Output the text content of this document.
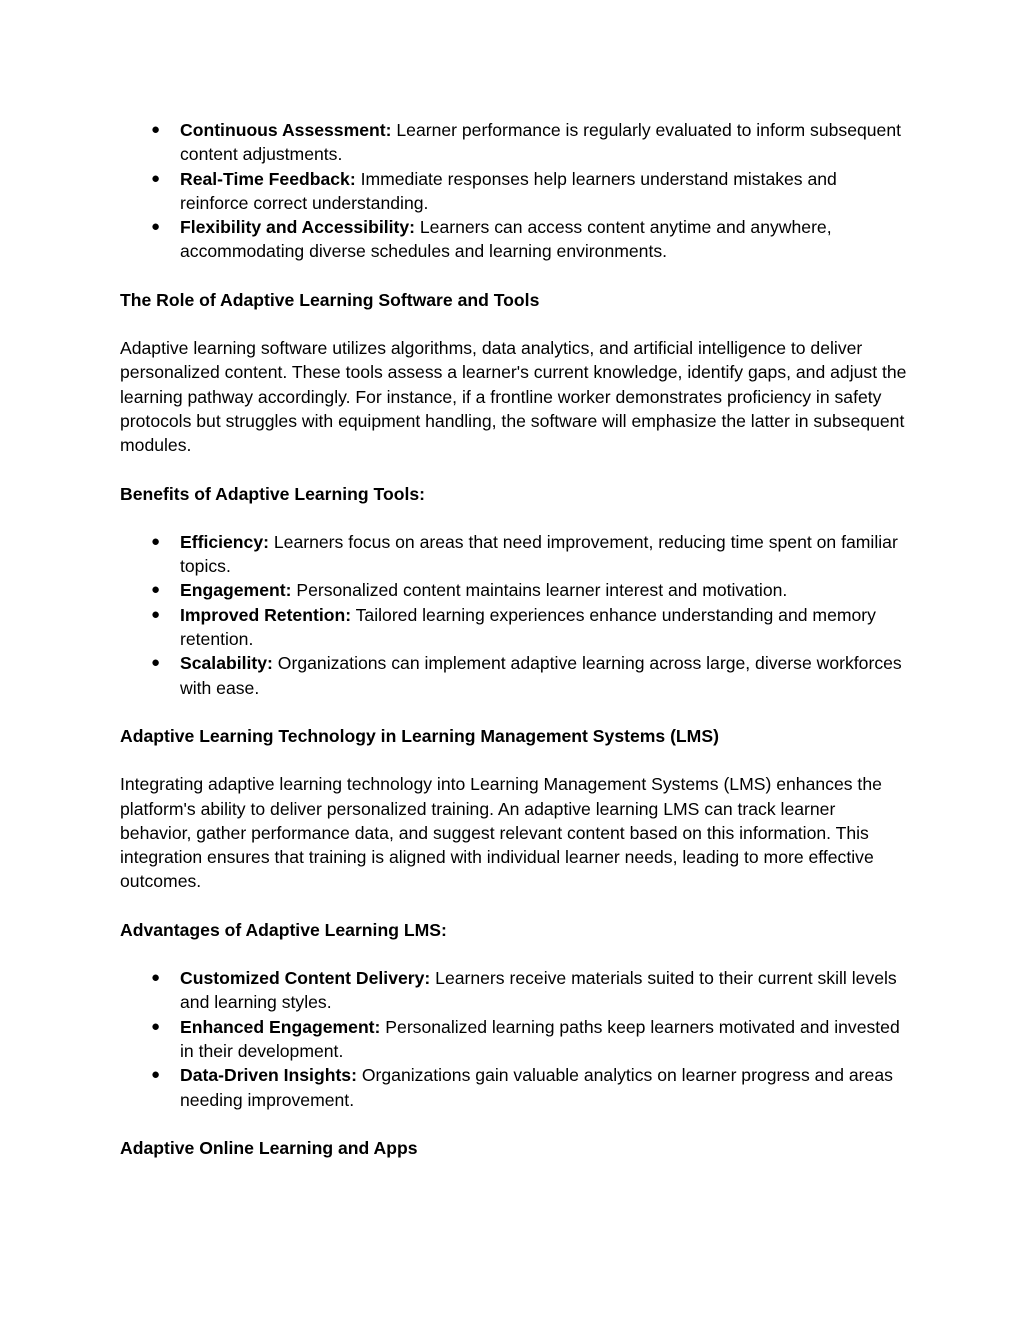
● Continuous Assessment: Learner performance is regularly evaluated to inform subsequent content adjustments.
● Real-Time Feedback: Immediate responses help learners understand mistakes and reinforce correct understanding.
● Flexibility and Accessibility: Learners can access content anytime and anywhere, accommodating diverse schedules and learning environments.

The Role of Adaptive Learning Software and Tools

Adaptive learning software utilizes algorithms, data analytics, and artificial intelligence to deliver personalized content. These tools assess a learner's current knowledge, identify gaps, and adjust the learning pathway accordingly. For instance, if a frontline worker demonstrates proficiency in safety protocols but struggles with equipment handling, the software will emphasize the latter in subsequent modules.

Benefits of Adaptive Learning Tools:

● Efficiency: Learners focus on areas that need improvement, reducing time spent on familiar topics.
● Engagement: Personalized content maintains learner interest and motivation.
● Improved Retention: Tailored learning experiences enhance understanding and memory retention.
● Scalability: Organizations can implement adaptive learning across large, diverse workforces with ease.

Adaptive Learning Technology in Learning Management Systems (LMS)

Integrating adaptive learning technology into Learning Management Systems (LMS) enhances the platform's ability to deliver personalized training. An adaptive learning LMS can track learner behavior, gather performance data, and suggest relevant content based on this information. This integration ensures that training is aligned with individual learner needs, leading to more effective outcomes.

Advantages of Adaptive Learning LMS:

● Customized Content Delivery: Learners receive materials suited to their current skill levels and learning styles.
● Enhanced Engagement: Personalized learning paths keep learners motivated and invested in their development.
● Data-Driven Insights: Organizations gain valuable analytics on learner progress and areas needing improvement.

Adaptive Online Learning and Apps
